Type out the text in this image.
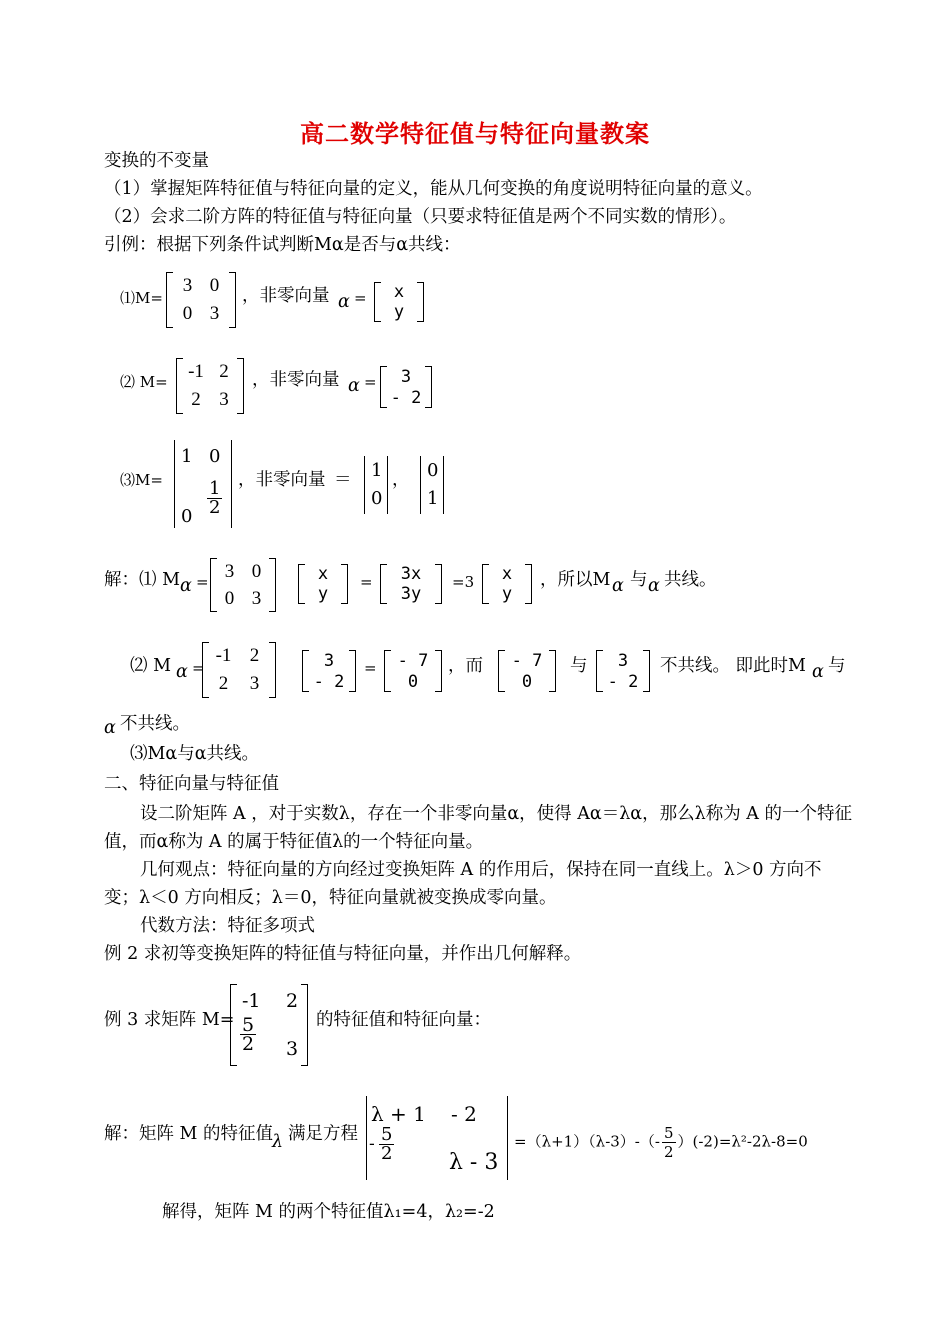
高二数学特征值与特征向量教案
变换的不变量
（1）掌握矩阵特征值与特征向量的定义，能从几何变换的角度说明特征向量的意义。
（2）会求二阶方阵的特征值与特征向量（只要求特征值是两个不同实数的情形）。
引例：根据下列条件试判断Mα是否与α共线：
⑴M=
3 0
0 3
，非零向量 α = x
y
⑵ M= -1 2
2 3
，非零向量 α = 3
- 2
⑶M=
1 0
$0 \frac{1}{2}$ ，非零向量 ＝ 1
0
， 0
1
解：⑴ M α =
3 0
0 3
x
y
= 3x
3y
=3 x
y
，所以M α 与 α 共线。
⑵ M α =
-1 2
2 3
3
- 2
= - 7
0
，而 - 7
0
与 3
- 2
不共线。 即此时M α 与
α 不共线。
⑶Mα与α共线。
二、特征向量与特征值
设二阶矩阵 A ，对于实数λ，存在一个非零向量α，使得 Aα＝λα，那么λ称为 A 的一个特征
值，而α称为 A 的属于特征值λ的一个特征向量。
几何观点：特征向量的方向经过变换矩阵 A 的作用后，保持在同一直线上。λ＞0 方向不
变；λ＜0 方向相反；λ＝0，特征向量就被变换成零向量。
代数方法：特征多项式
例 2 求初等变换矩阵的特征值与特征向量，并作出几何解释。
例 3 求矩阵 M=
-1 2
$\frac{5}{2} 3$
的特征值和特征向量：
解：矩阵 M 的特征值
λ 满足方程
λ + 1 - 2
- $\frac{5}{2}$ λ - 3
$=(\lambda+1)(\lambda-3)-(- \frac{5}{2} )(-2)=\lambda^2-2\lambda-8=0$
解得，矩阵 M 的两个特征值λ₁=4，λ₂=-2
